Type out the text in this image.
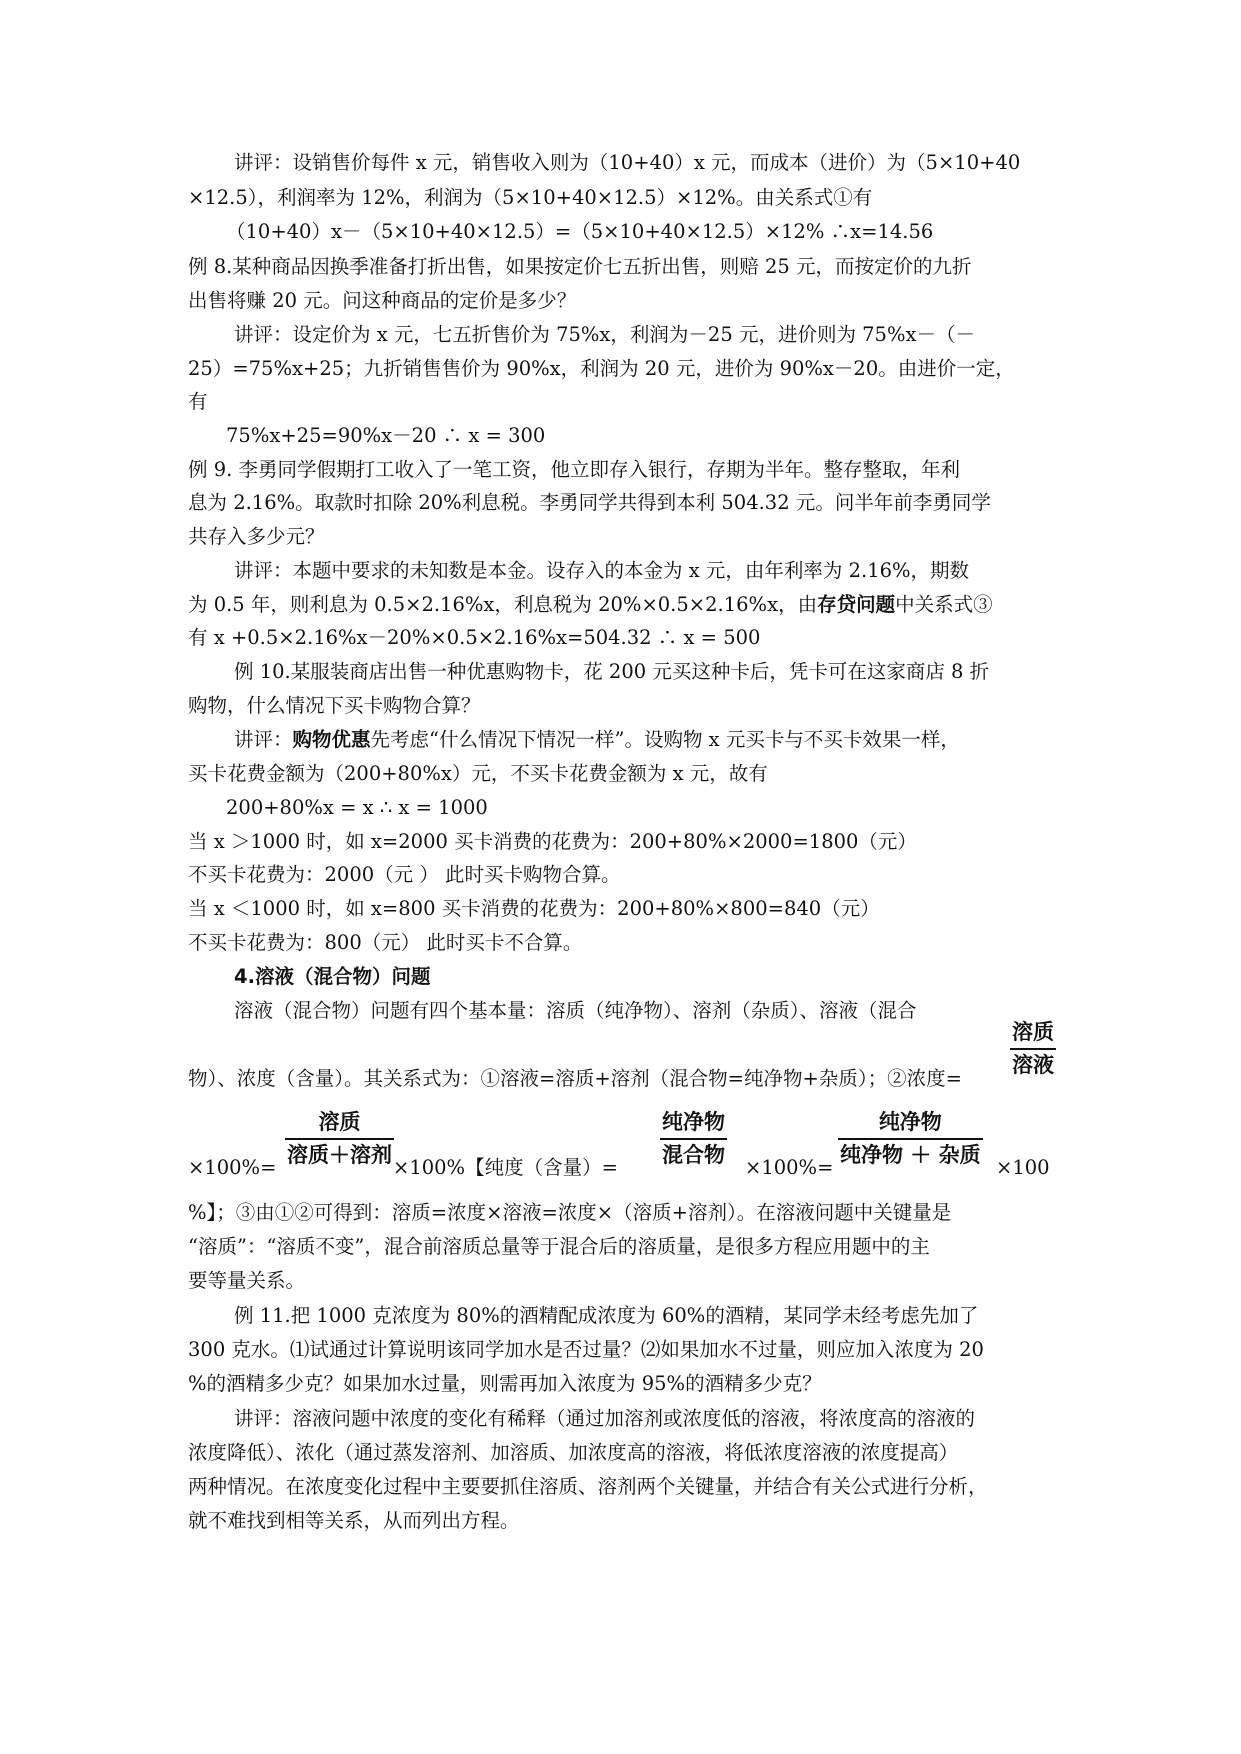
讲评：设销售价每件 x 元，销售收入则为（10+40）x 元，而成本（进价）为（5×10+40
×12.5），利润率为 12%，利润为（5×10+40×12.5）×12%。由关系式①有
（10+40）x－（5×10+40×12.5）=（5×10+40×12.5）×12% ∴x=14.56
例 8.某种商品因换季准备打折出售，如果按定价七五折出售，则赔 25 元，而按定价的九折
出售将赚 20 元。问这种商品的定价是多少？
讲评：设定价为 x 元，七五折售价为 75%x，利润为－25 元，进价则为 75%x－（－
25）=75%x+25；九折销售售价为 90%x，利润为 20 元，进价为 90%x－20。由进价一定，
有
75%x+25=90%x－20 ∴ x = 300
例 9. 李勇同学假期打工收入了一笔工资，他立即存入银行，存期为半年。整存整取，年利
息为 2.16%。取款时扣除 20%利息税。李勇同学共得到本利 504.32 元。问半年前李勇同学
共存入多少元？
讲评：本题中要求的未知数是本金。设存入的本金为 x 元，由年利率为 2.16%，期数
为 0.5 年，则利息为 0.5×2.16%x，利息税为 20%×0.5×2.16%x，由存贷问题中关系式③
有 x +0.5×2.16%x－20%×0.5×2.16%x=504.32 ∴ x = 500
例 10.某服装商店出售一种优惠购物卡，花 200 元买这种卡后，凭卡可在这家商店 8 折
购物，什么情况下买卡购物合算？
讲评：购物优惠先考虑“什么情况下情况一样”。设购物 x 元买卡与不买卡效果一样，
买卡花费金额为（200+80%x）元，不买卡花费金额为 x 元，故有
200+80%x = x ∴ x = 1000
当 x ＞1000 时，如 x=2000 买卡消费的花费为：200+80%×2000=1800（元）
不买卡花费为：2000（元 ） 此时买卡购物合算。
当 x ＜1000 时，如 x=800 买卡消费的花费为：200+80%×800=840（元）
不买卡花费为：800（元） 此时买卡不合算。
4.溶液（混合物）问题
溶液（混合物）问题有四个基本量：溶质（纯净物）、溶剂（杂质）、溶液（混合
物）、浓度（含量）。其关系式为：①溶液=溶质+溶剂（混合物=纯净物+杂质）；②浓度=
溶质
溶液
×100%=
溶质
溶质＋溶剂
×100%【纯度（含量）=
纯净物
混合物
×100%=
纯净物
纯净物 ＋ 杂质
×100
%】；③由①②可得到：溶质=浓度×溶液=浓度×（溶质+溶剂）。在溶液问题中关键量是
“溶质”：“溶质不变”，混合前溶质总量等于混合后的溶质量，是很多方程应用题中的主
要等量关系。
例 11.把 1000 克浓度为 80%的酒精配成浓度为 60%的酒精，某同学未经考虑先加了
300 克水。⑴试通过计算说明该同学加水是否过量？⑵如果加水不过量，则应加入浓度为 20
%的酒精多少克？如果加水过量，则需再加入浓度为 95%的酒精多少克？
讲评：溶液问题中浓度的变化有稀释（通过加溶剂或浓度低的溶液，将浓度高的溶液的
浓度降低）、浓化（通过蒸发溶剂、加溶质、加浓度高的溶液，将低浓度溶液的浓度提高）
两种情况。在浓度变化过程中主要要抓住溶质、溶剂两个关键量，并结合有关公式进行分析，
就不难找到相等关系，从而列出方程。
